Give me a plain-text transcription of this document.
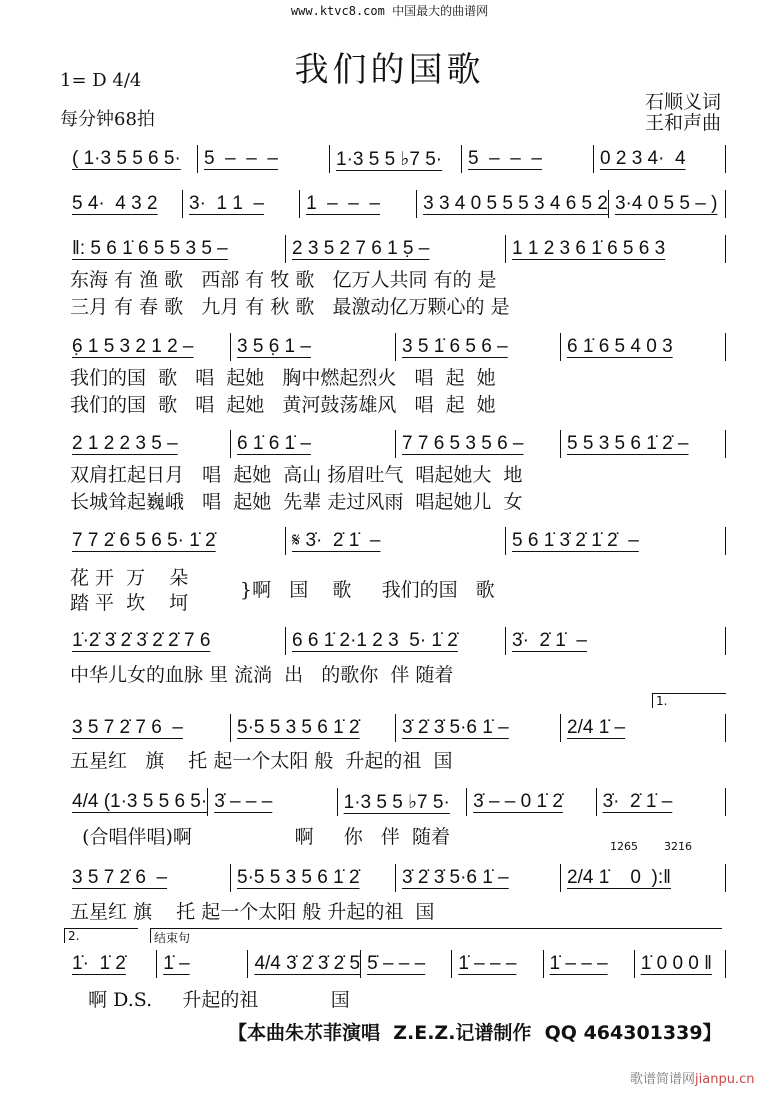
www.ktvc8.com 中国最大的曲谱网
我们的国歌
1= D 4/4
每分钟68拍
石顺义词
王和声曲
( 1·3 5 5 6 5·	5  –  –  –	1·3 5 5 ♭7 5·	5  –  –  –	0 2 3 4·  4
5 4·  4 3 2	3·  1 1  –	1  –  –  –	3 3 4 0 5 5 5 3 4 6 5 2 3·4 0 5 5 – )
‖: 5 6 1̇ 6 5 5 3 5 –	2 3 5 2 7 6 1 5̣ –	1 1 2 3 6 1̇ 6 5 6 3
东海 有 渔 歌   西部 有 牧 歌   亿万人共同 有的 是
三月 有 春 歌   九月 有 秋 歌   最激动亿万颗心的 是
6̣ 1 5 3 2 1 2 –	3 5 6̣ 1 –	3 5 1̇ 6 5 6 –	6 1̇ 6 5 4 0 3
我们的国  歌   唱  起她   胸中燃起烈火   唱  起  她
我们的国  歌   唱  起她   黄河鼓荡雄风   唱  起  她
2 1 2 2 3 5 –	6 1̇ 6 1̇ –	7 7 6 5 3 5 6 –	5 5 3 5 6 1̇ 2̇ –
双肩扛起日月   唱  起她  高山 扬眉吐气  唱起她大  地
长城耸起巍峨   唱  起她  先辈 走过风雨  唱起她儿  女
7 7 2̇ 6 5 6 5· 1̇ 2̇	𝄋 3̇·  2̇ 1̇  –	5 6 1̇ 3̇ 2̇ 1̇ 2̇  –
花 开  万    朵
踏 平  坎    坷
}啊   国    歌     我们的国   歌
1̇·2̇ 3̇ 2̇ 3̇ 2̇ 2̇ 7 6	6 6 1̇ 2·1 2 3  5· 1̇ 2̇	3̇·  2̇ 1̇  –
中华儿女的血脉 里 流淌  出   的歌你  伴 随着
3 5 7 2̇ 7 6  –	5·5 5 3 5 6 1̇ 2̇	3̇ 2̇ 3̇ 5·6 1̇ –	2/4 1̇ –
五星红   旗    托 起一个太阳 般  升起的祖  国
4/4 (1·3 5 5 6 5· 3̇ – – –	1·3 5 5 ♭7 5·	3̇ – – 0 1̇ 2̇	3̇·  2̇ 1̇ –
(合唱伴唱)啊                 啊     你   伴  随着
3 5 7 2̇ 6  –	5·5 5 3 5 6 1̇ 2̇	3̇ 2̇ 3̇ 5·6 1̇ –	2/4 1̇    0  ):‖
五星红 旗    托 起一个太阳 般 升起的祖  国
1̇·  1̇ 2̇	1̇ –	4/4 3̇ 2̇ 3̇ 2̇ 5̇ 5̇ – – –	1̇ – – –	1̇ – – –	1̇ 0 0 0 ‖
啊 D.S.     升起的祖            国
1.
2.	结束句
1̇2̇6̇5 3̇2̇1̇6
【本曲朱䒕菲演唱  Z.E.Z.记谱制作  QQ 464301339】
歌谱简谱网jianpu.cn
